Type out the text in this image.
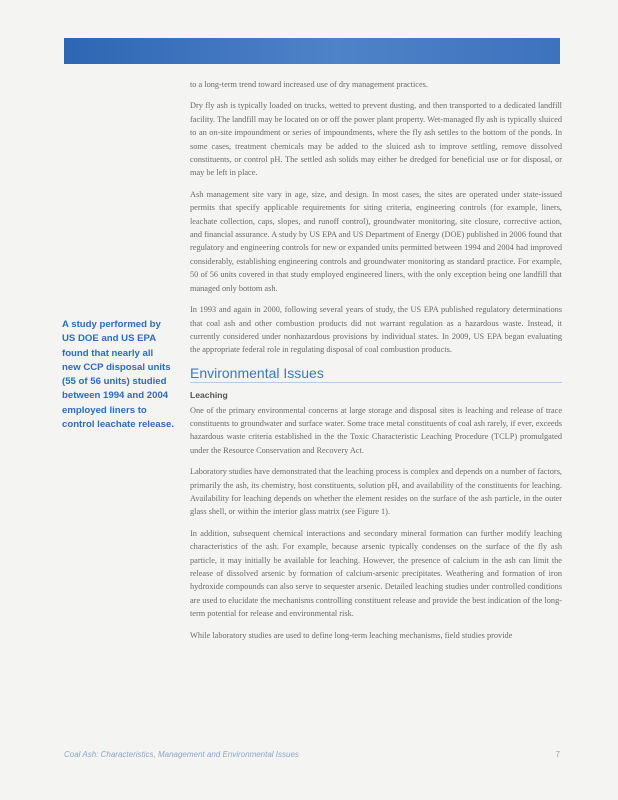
to a long-term trend toward increased use of dry management practices.

Dry fly ash is typically loaded on trucks, wetted to prevent dusting, and then transported to a dedicated landfill facility. The landfill may be located on or off the power plant property. Wet-managed fly ash is typically sluiced to an on-site impoundment or series of impoundments, where the fly ash settles to the bottom of the ponds. In some cases, treatment chemicals may be added to the sluiced ash to improve settling, remove dissolved constituents, or control pH. The settled ash solids may either be dredged for beneficial use or for disposal, or may be left in place.

Ash management site vary in age, size, and design. In most cases, the sites are operated under state-issued permits that specify applicable requirements for siting criteria, engineering controls (for example, liners, leachate collection, caps, slopes, and runoff control), groundwater monitoring, site closure, corrective action, and financial assurance. A study by US EPA and US Department of Energy (DOE) published in 2006 found that regulatory and engineering controls for new or expanded units permitted between 1994 and 2004 had improved considerably, establishing engineering controls and groundwater monitoring as standard practice. For example, 50 of 56 units covered in that study employed engineered liners, with the only exception being one landfill that managed only bottom ash.

In 1993 and again in 2000, following several years of study, the US EPA published regulatory determinations that coal ash and other combustion products did not warrant regulation as a hazardous waste. Instead, it currently considered under nonhazardous provisions by individual states. In 2009, US EPA began evaluating the appropriate federal role in regulating disposal of coal combustion products.

Environmental Issues
Leaching

One of the primary environmental concerns at large storage and disposal sites is leaching and release of trace constituents to groundwater and surface water. Some trace metal constituents of coal ash rarely, if ever, exceeds hazardous waste criteria established in the the Toxic Characteristic Leaching Procedure (TCLP) promulgated under the Resource Conservation and Recovery Act.

Laboratory studies have demonstrated that the leaching process is complex and depends on a number of factors, primarily the ash, its chemistry, host constituents, solution pH, and availability of the constituents for leaching. Availability for leaching depends on whether the element resides on the surface of the ash particle, in the outer glass shell, or within the interior glass matrix (see Figure 1).

In addition, subsequent chemical interactions and secondary mineral formation can further modify leaching characteristics of the ash. For example, because arsenic typically condenses on the surface of the fly ash particle, it may initially be available for leaching. However, the presence of calcium in the ash can limit the release of dissolved arsenic by formation of calcium-arsenic precipitates. Weathering and formation of iron hydroxide compounds can also serve to sequester arsenic. Detailed leaching studies under controlled conditions are used to elucidate the mechanisms controlling constituent release and provide the best indication of the long-term potential for release and environmental risk.

While laboratory studies are used to define long-term leaching mechanisms, field studies provide

A study performed by US DOE and US EPA found that nearly all new CCP disposal units (55 of 56 units) studied between 1994 and 2004 employed liners to control leachate release.
Coal Ash: Characteristics, Management and Environmental Issues	7
